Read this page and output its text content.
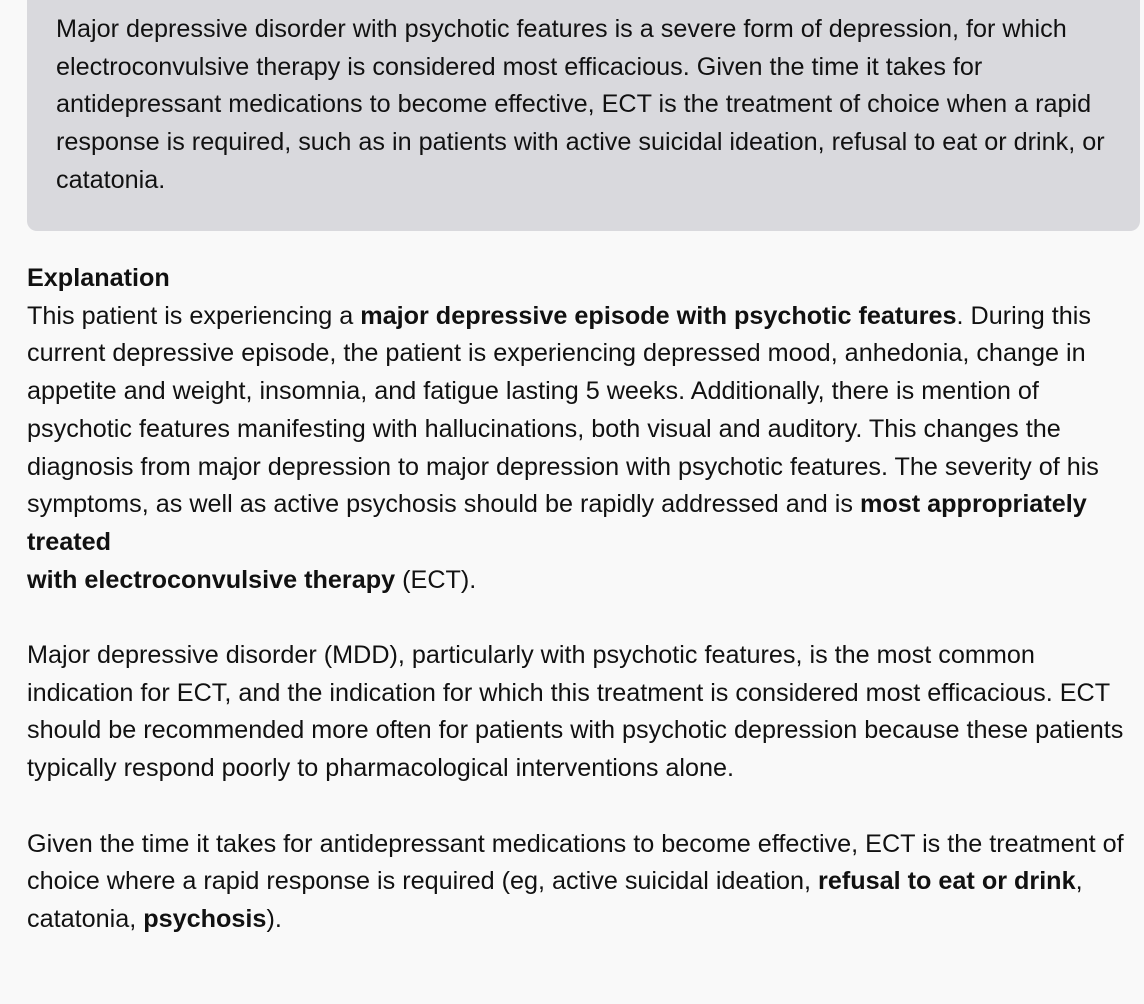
Major depressive disorder with psychotic features is a severe form of depression, for which electroconvulsive therapy is considered most efficacious. Given the time it takes for antidepressant medications to become effective, ECT is the treatment of choice when a rapid response is required, such as in patients with active suicidal ideation, refusal to eat or drink, or catatonia.

Explanation

This patient is experiencing a major depressive episode with psychotic features. During this current depressive episode, the patient is experiencing depressed mood, anhedonia, change in appetite and weight, insomnia, and fatigue lasting 5 weeks. Additionally, there is mention of psychotic features manifesting with hallucinations, both visual and auditory. This changes the diagnosis from major depression to major depression with psychotic features. The severity of his symptoms, as well as active psychosis should be rapidly addressed and is most appropriately treated
with electroconvulsive therapy (ECT).

Major depressive disorder (MDD), particularly with psychotic features, is the most common indication for ECT, and the indication for which this treatment is considered most efficacious. ECT should be recommended more often for patients with psychotic depression because these patients typically respond poorly to pharmacological interventions alone.

Given the time it takes for antidepressant medications to become effective, ECT is the treatment of choice where a rapid response is required (eg, active suicidal ideation, refusal to eat or drink, catatonia, psychosis).
